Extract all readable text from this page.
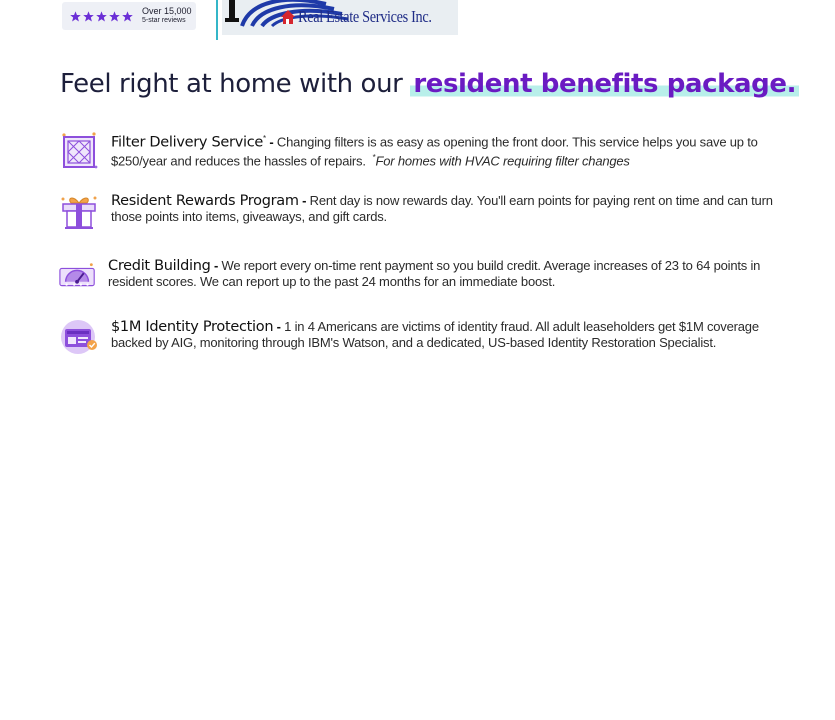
Over 15,000
5-star reviews	Real Estate Services Inc.
Feel right at home with our resident benefits package.

Filter Delivery Service* - Changing filters is as easy as opening the front door. This service helps you save up to $250/year and reduces the hassles of repairs. *For homes with HVAC requiring filter changes

Resident Rewards Program - Rent day is now rewards day. You'll earn points for paying rent on time and can turn those points into items, giveaways, and gift cards.

Credit Building - We report every on-time rent payment so you build credit. Average increases of 23 to 64 points in resident scores. We can report up to the past 24 months for an immediate boost.

$1M Identity Protection - 1 in 4 Americans are victims of identity fraud. All adult leaseholders get $1M coverage backed by AIG, monitoring through IBM's Watson, and a dedicated, US-based Identity Restoration Specialist.
